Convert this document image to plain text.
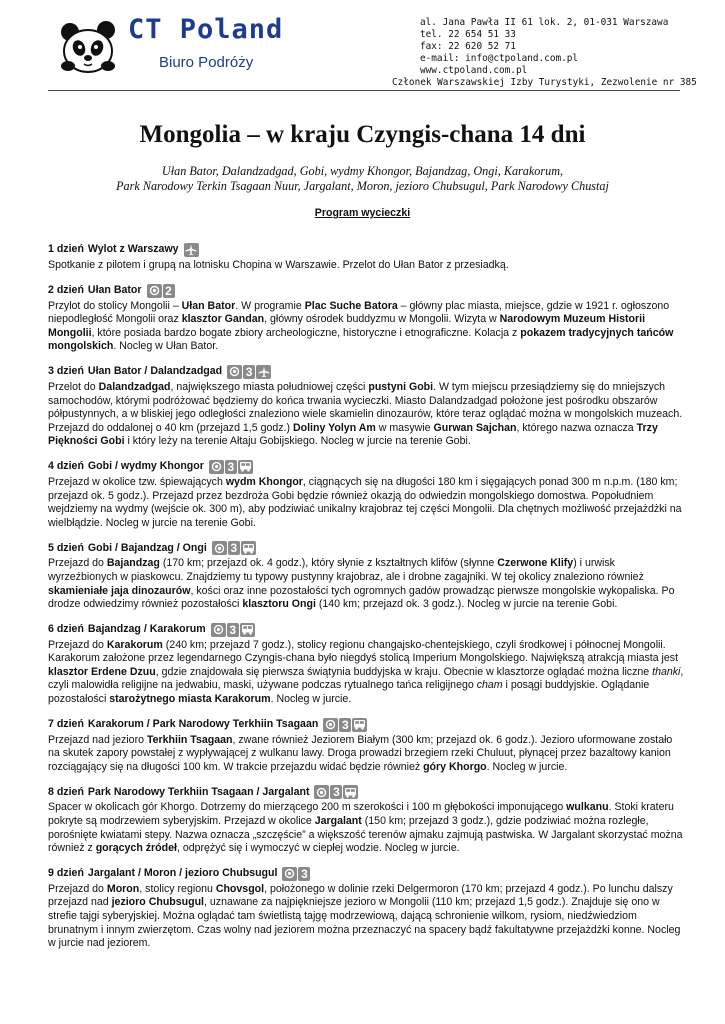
CT Poland
Biuro Podróży
al. Jana Pawła II 61 lok. 2, 01-031 Warszawa
tel. 22 654 51 33
fax: 22 620 52 71
e-mail: info@ctpoland.com.pl
www.ctpoland.com.pl
Członek Warszawskiej Izby Turystyki, Zezwolenie nr 385
Mongolia – w kraju Czyngis-chana 14 dni
Ułan Bator, Dalandzadgad, Gobi, wydmy Khongor, Bajandzag, Ongi, Karakorum,
Park Narodowy Terkin Tsagaan Nuur, Jargalant, Moron, jezioro Chubsugul, Park Narodowy Chustaj
Program wycieczki
1 dzień Wylot z Warszawy

Spotkanie z pilotem i grupą na lotnisku Chopina w Warszawie. Przelot do Ułan Bator z przesiadką.

2 dzień Ułan Bator 2

Przylot do stolicy Mongolii – Ułan Bator. W programie Plac Suche Batora – główny plac miasta, miejsce, gdzie w 1921 r. ogłoszono niepodległość Mongolii oraz klasztor Gandan, główny ośrodek buddyzmu w Mongolii. Wizyta w Narodowym Muzeum Historii Mongolii, które posiada bardzo bogate zbiory archeologiczne, historyczne i etnograficzne. Kolacja z pokazem tradycyjnych tańców mongolskich. Nocleg w Ułan Bator.

3 dzień Ułan Bator / Dalandzadgad 3

Przelot do Dalandzadgad, największego miasta południowej części pustyni Gobi. W tym miejscu przesiądziemy się do mniejszych samochodów, którymi podróżować będziemy do końca trwania wycieczki. Miasto Dalandzadgad położone jest pośrodku obszarów półpustynnych, a w bliskiej jego odległości znaleziono wiele skamielin dinozaurów, które teraz oglądać można w mongolskich muzeach. Przejazd do oddalonej o 40 km (przejazd 1,5 godz.) Doliny Yolyn Am w masywie Gurwan Sajchan, którego nazwa oznacza Trzy Piękności Gobi i który leży na terenie Ałtaju Gobijskiego. Nocleg w jurcie na terenie Gobi.

4 dzień Gobi / wydmy Khongor 3

Przejazd w okolice tzw. śpiewających wydm Khongor, ciągnących się na długości 180 km i sięgających ponad 300 m n.p.m. (180 km; przejazd ok. 5 godz.). Przejazd przez bezdroża Gobi będzie również okazją do odwiedzin mongolskiego domostwa. Popołudniem wejdziemy na wydmy (wejście ok. 300 m), aby podziwiać unikalny krajobraz tej części Mongolii. Dla chętnych możliwość przejażdżki na wielbłądzie. Nocleg w jurcie na terenie Gobi.

5 dzień Gobi / Bajandzag / Ongi 3

Przejazd do Bajandzag (170 km; przejazd ok. 4 godz.), który słynie z kształtnych klifów (słynne Czerwone Klify) i urwisk wyrzeźbionych w piaskowcu. Znajdziemy tu typowy pustynny krajobraz, ale i drobne zagajniki. W tej okolicy znaleziono również skamieniałe jaja dinozaurów, kości oraz inne pozostałości tych ogromnych gadów prowadząc pierwsze mongolskie wykopaliska. Po drodze odwiedzimy również pozostałości klasztoru Ongi (140 km; przejazd ok. 3 godz.). Nocleg w jurcie na terenie Gobi.

6 dzień Bajandzag / Karakorum 3

Przejazd do Karakorum (240 km; przejazd 7 godz.), stolicy regionu changajsko-chentejskiego, czyli środkowej i północnej Mongolii. Karakorum założone przez legendarnego Czyngis-chana było niegdyś stolicą Imperium Mongolskiego. Największą atrakcją miasta jest klasztor Erdene Dzuu, gdzie znajdowała się pierwsza świątynia buddyjska w kraju. Obecnie w klasztorze oglądać można liczne thanki, czyli malowidła religijne na jedwabiu, maski, używane podczas rytualnego tańca religijnego cham i posągi buddyjskie. Oglądanie pozostałości starożytnego miasta Karakorum. Nocleg w jurcie.

7 dzień Karakorum / Park Narodowy Terkhiin Tsagaan 3

Przejazd nad jezioro Terkhiin Tsagaan, zwane również Jeziorem Białym (300 km; przejazd ok. 6 godz.). Jezioro uformowane zostało na skutek zapory powstałej z wypływającej z wulkanu lawy. Droga prowadzi brzegiem rzeki Chuluut, płynącej przez bazaltowy kanion rozciągający się na długości 100 km. W trakcie przejazdu widać będzie również góry Khorgo. Nocleg w jurcie.

8 dzień Park Narodowy Terkhiin Tsagaan / Jargalant 3

Spacer w okolicach gór Khorgo. Dotrzemy do mierzącego 200 m szerokości i 100 m głębokości imponującego wulkanu. Stoki krateru pokryte są modrzewiem syberyjskim. Przejazd w okolice Jargalant (150 km; przejazd 3 godz.), gdzie podziwiać można rozległe, porośnięte kwiatami stepy. Nazwa oznacza „szczęście” a większość terenów ajmaku zajmują pastwiska. W Jargalant skorzystać można również z gorących źródeł, odprężyć się i wymoczyć w ciepłej wodzie. Nocleg w jurcie.

9 dzień Jargalant / Moron / jezioro Chubsugul 3

Przejazd do Moron, stolicy regionu Chovsgol, położonego w dolinie rzeki Delgermoron (170 km; przejazd 4 godz.). Po lunchu dalszy przejazd nad jezioro Chubsugul, uznawane za najpiękniejsze jezioro w Mongolii (110 km; przejazd 1,5 godz.). Znajduje się ono w strefie tajgi syberyjskiej. Można oglądać tam świetlistą tajgę modrzewiową, dającą schronienie wilkom, rysiom, niedźwiedziom brunatnym i innym zwierzętom. Czas wolny nad jeziorem można przeznaczyć na spacery bądź fakultatywne przejażdżki konne. Nocleg w jurcie nad jeziorem.
